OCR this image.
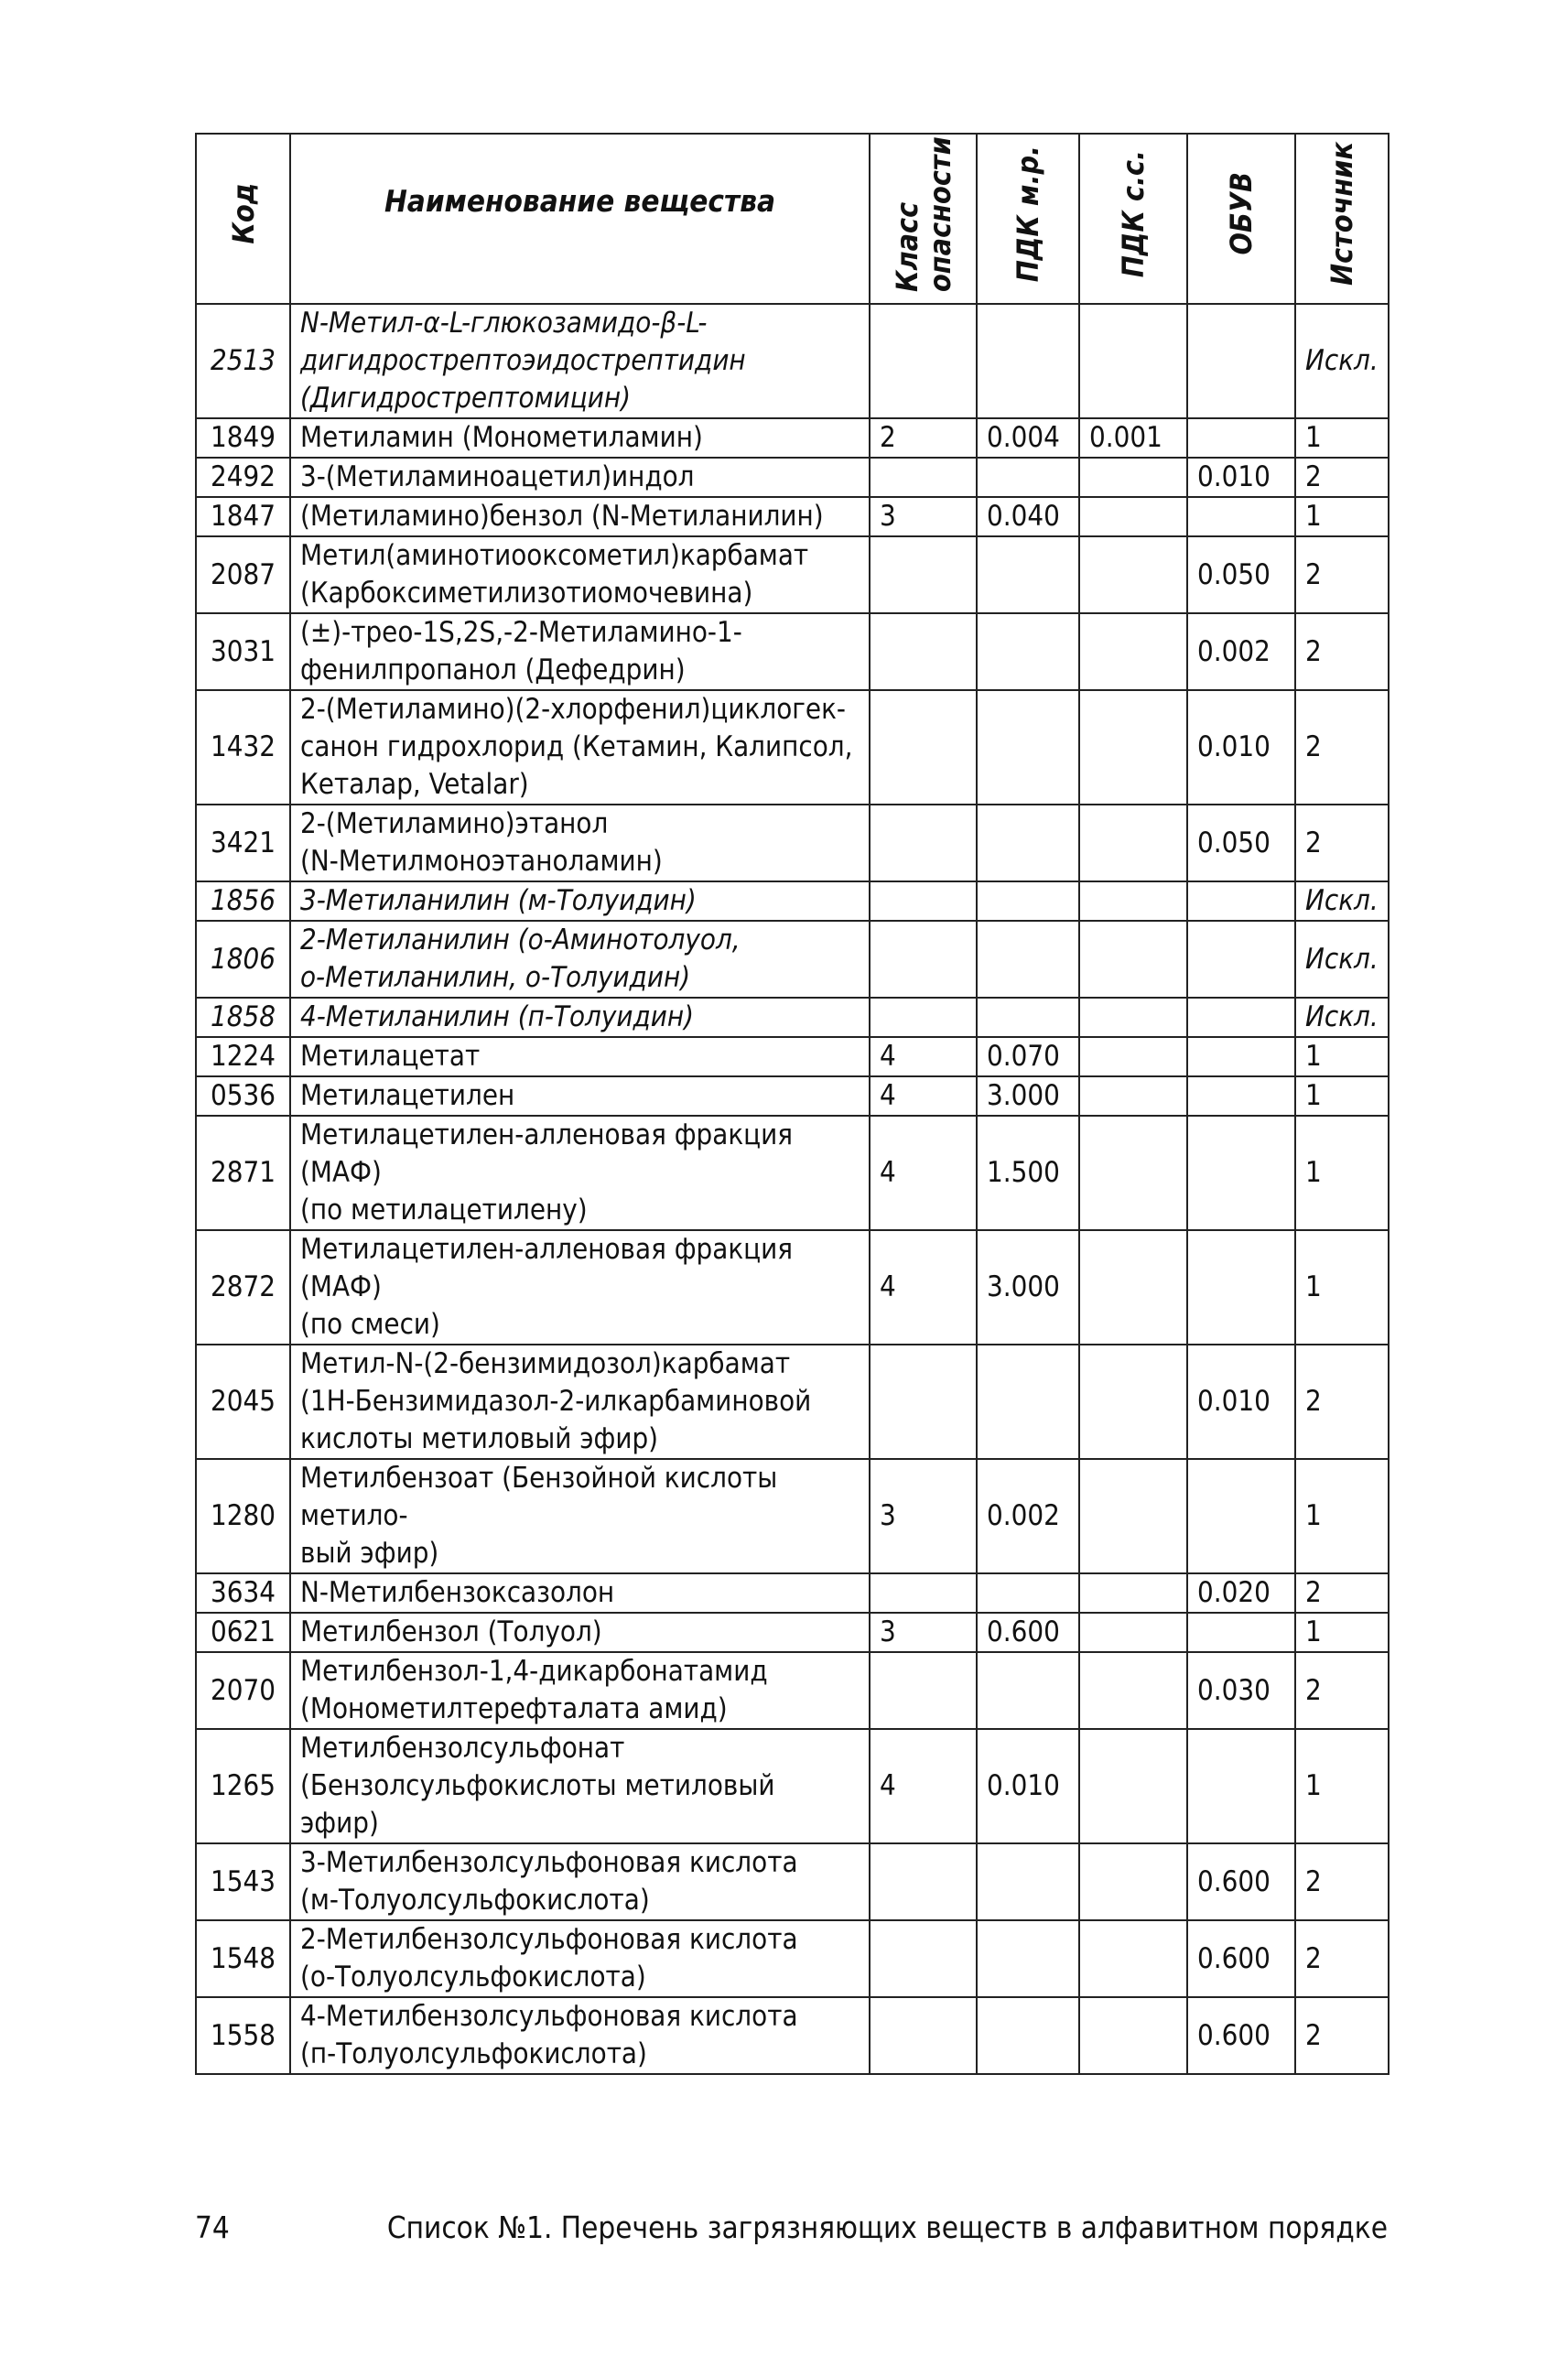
Код	Наименование вещества	Класс опасности	ПДК м.р.	ПДК с.с.	ОБУВ	Источник
2513	N-Метил-α-L-глюкозамидо-β-L-
дигидрострептоэидострептидин
(Дигидрострептомицин)					Искл.
1849	Метиламин (Монометиламин)	2	0.004	0.001		1
2492	3-(Метиламиноацетил)индол				0.010	2
1847	(Метиламино)бензол (N-Метиланилин)	3	0.040			1
2087	Метил(аминотиооксометил)карбамат
(Карбоксиметилизотиомочевина)				0.050	2
3031	(±)-трео-1S,2S,-2-Метиламино-1-
фенилпропанол (Дефедрин)				0.002	2
1432	2-(Метиламино)(2-хлорфенил)циклогек-
санон гидрохлорид (Кетамин, Калипсол,
Кеталар, Vetalar)				0.010	2
3421	2-(Метиламино)этанол
(N-Метилмоноэтаноламин)				0.050	2
1856	3-Метиланилин (м-Толуидин)					Искл.
1806	2-Метиланилин (о-Аминотолуол,
о-Метиланилин, о-Толуидин)					Искл.
1858	4-Метиланилин (п-Толуидин)					Искл.
1224	Метилацетат	4	0.070			1
0536	Метилацетилен	4	3.000			1
2871	Метилацетилен-алленовая фракция (МАФ)
(по метилацетилену)	4	1.500			1
2872	Метилацетилен-алленовая фракция (МАФ)
(по смеси)	4	3.000			1
2045	Метил-N-(2-бензимидозол)карбамат
(1Н-Бензимидазол-2-илкарбаминовой
кислоты метиловый эфир)				0.010	2
1280	Метилбензоат (Бензойной кислоты метило-
вый эфир)	3	0.002			1
3634	N-Метилбензоксазолон				0.020	2
0621	Метилбензол (Толуол)	3	0.600			1
2070	Метилбензол-1,4-дикарбонатамид
(Монометилтерефталата амид)				0.030	2
1265	Метилбензолсульфонат
(Бензолсульфокислоты метиловый эфир)	4	0.010			1
1543	3-Метилбензолсульфоновая кислота
(м-Толуолсульфокислота)				0.600	2
1548	2-Метилбензолсульфоновая кислота
(о-Толуолсульфокислота)				0.600	2
1558	4-Метилбензолсульфоновая кислота
(п-Толуолсульфокислота)				0.600	2
74	Список №1. Перечень загрязняющих веществ в алфавитном порядке
